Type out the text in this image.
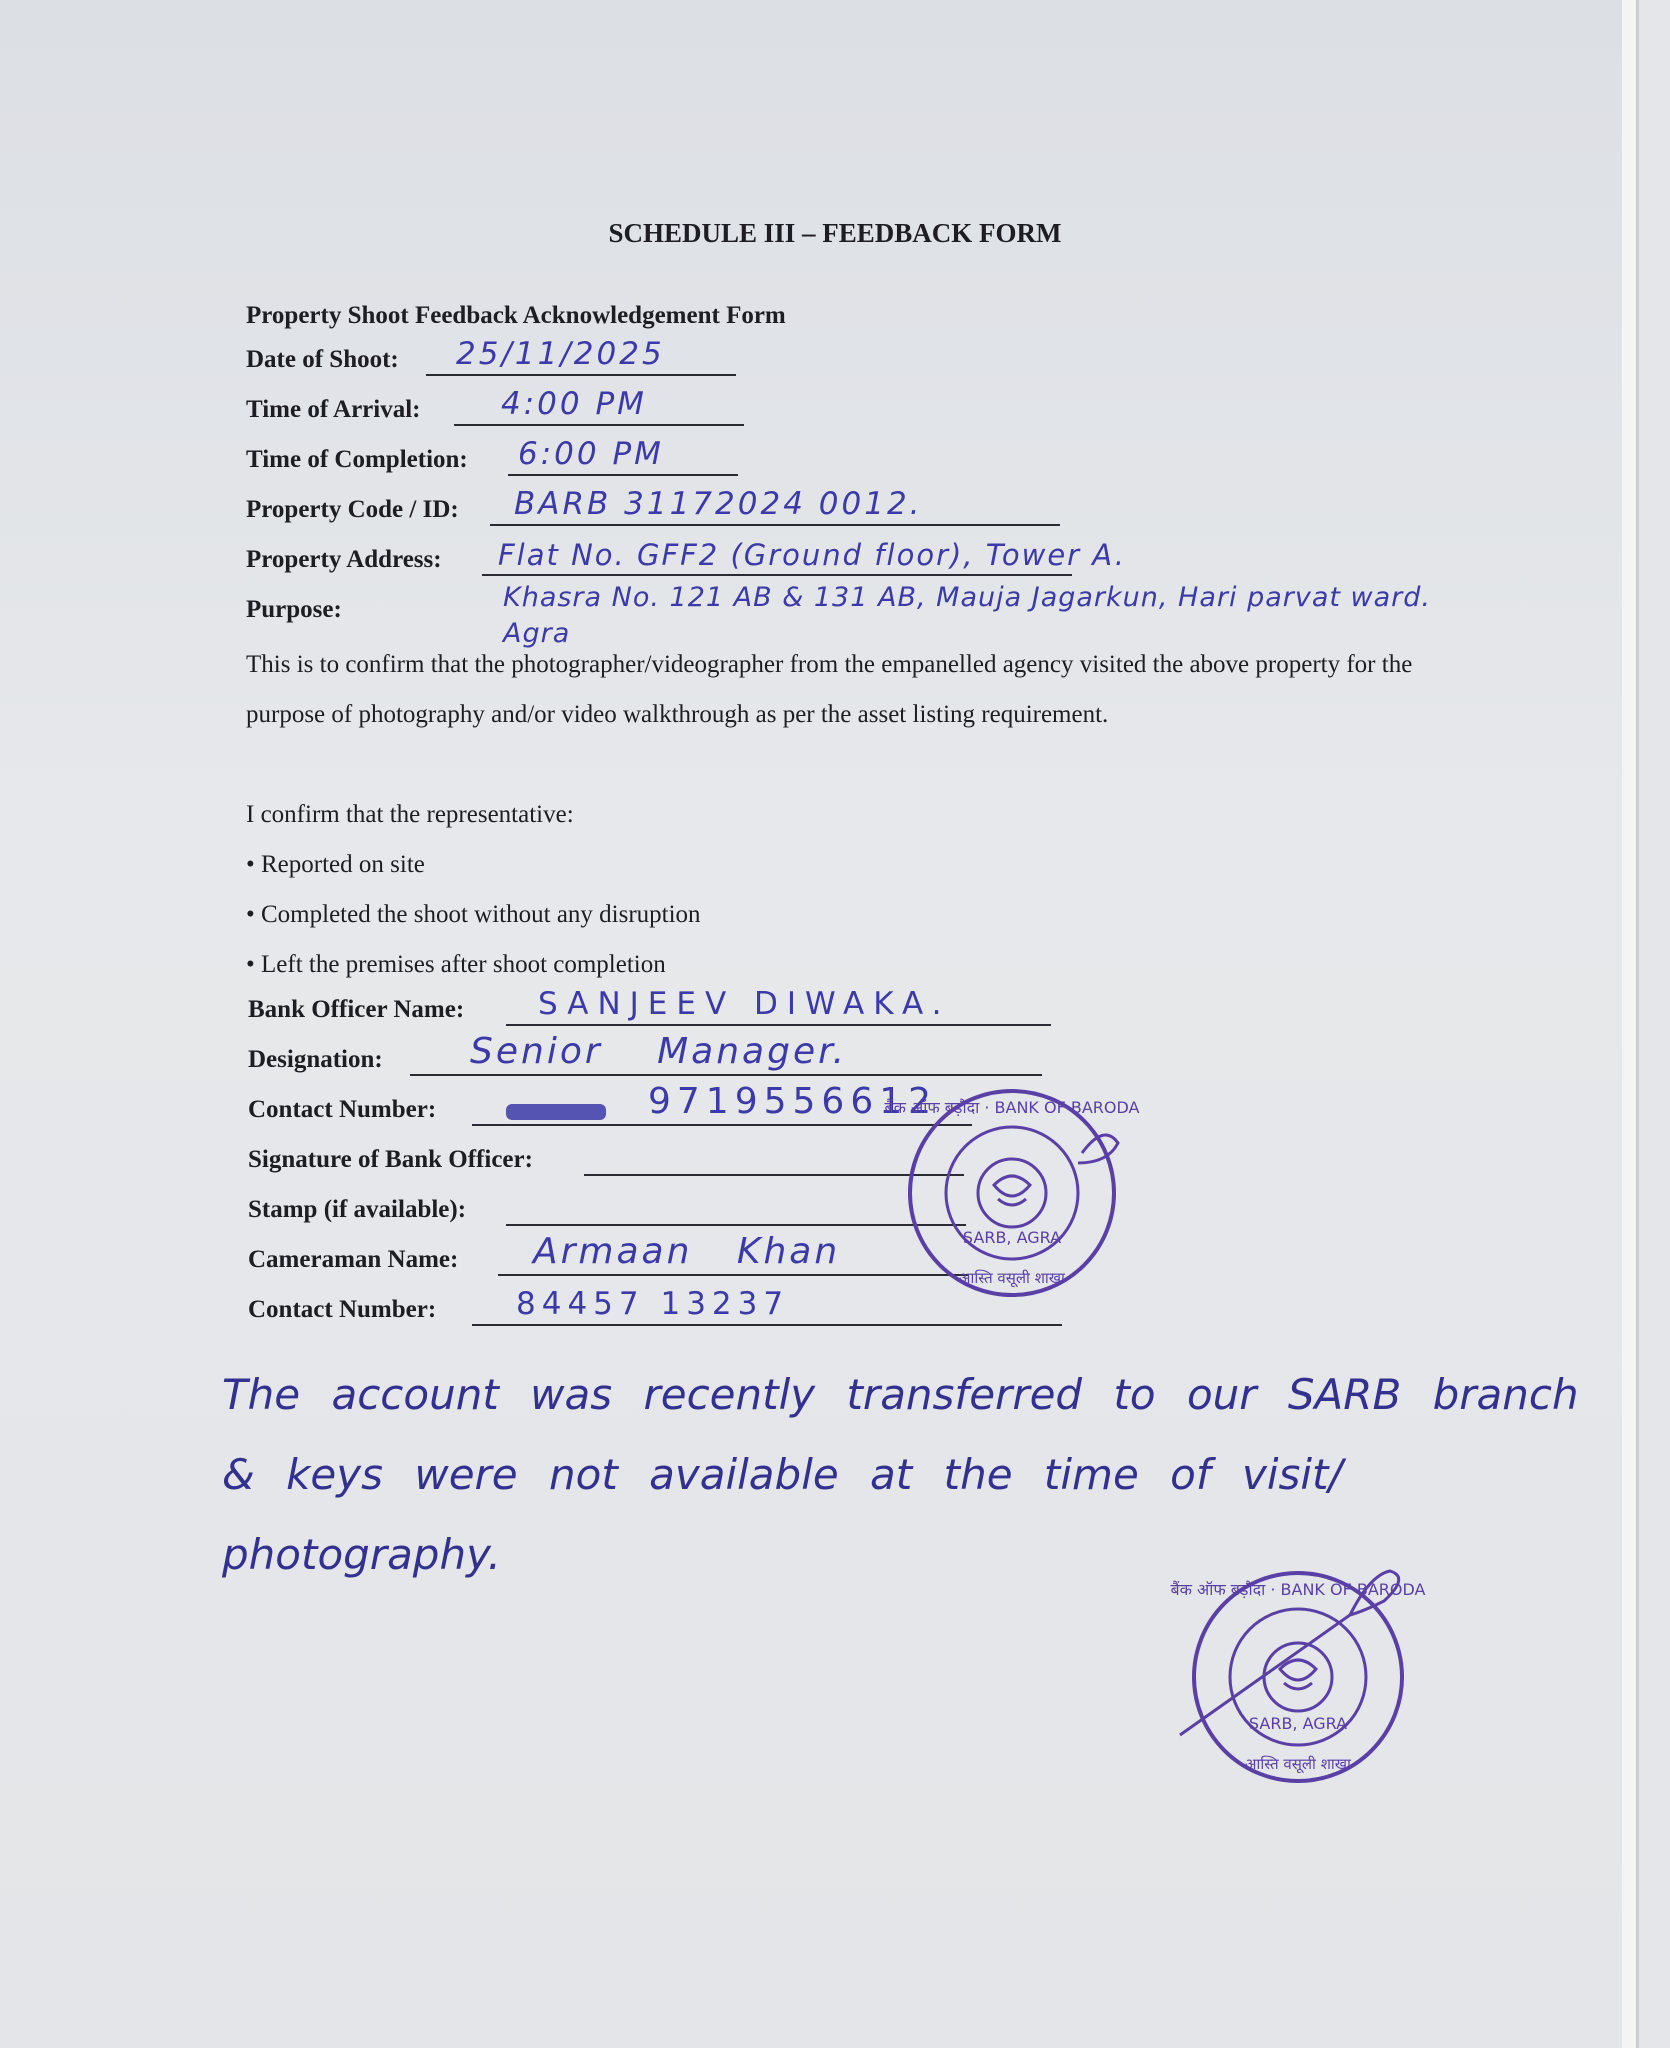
SCHEDULE III – FEEDBACK FORM
Property Shoot Feedback Acknowledgement Form
Date of Shoot: 25/11/2025
Time of Arrival:	4:00 PM
Time of Completion: 6:00 PM
Property Code / ID: BARB 31172024 0012.
Property Address: Flat No. GFF2 (Ground floor), Tower A.
Purpose:	Khasra No. 121 AB & 131 AB, Mauja Jagarkun, Hari parvat ward. Agra
This is to confirm that the photographer/videographer from the empanelled agency visited the above property for the purpose of photography and/or video walkthrough as per the asset listing requirement.
I confirm that the representative:
• Reported on site
• Completed the shoot without any disruption
• Left the premises after shoot completion
Bank Officer Name: SANJEEV DIWAKA.
Designation: Senior Manager.
Contact Number:	9719556612
Signature of Bank Officer:
Stamp (if available):
Cameraman Name: Armaan Khan
Contact Number:	84457 13237
The account was recently transferred to our SARB branch & keys were not available at the time of visit/ photography.
बैंक ऑफ बड़ौदा · BANK OF BARODA
SARB, AGRA
आस्ति वसूली शाखा
बैंक ऑफ बड़ौदा · BANK OF BARODA
SARB, AGRA
आस्ति वसूली शाखा
